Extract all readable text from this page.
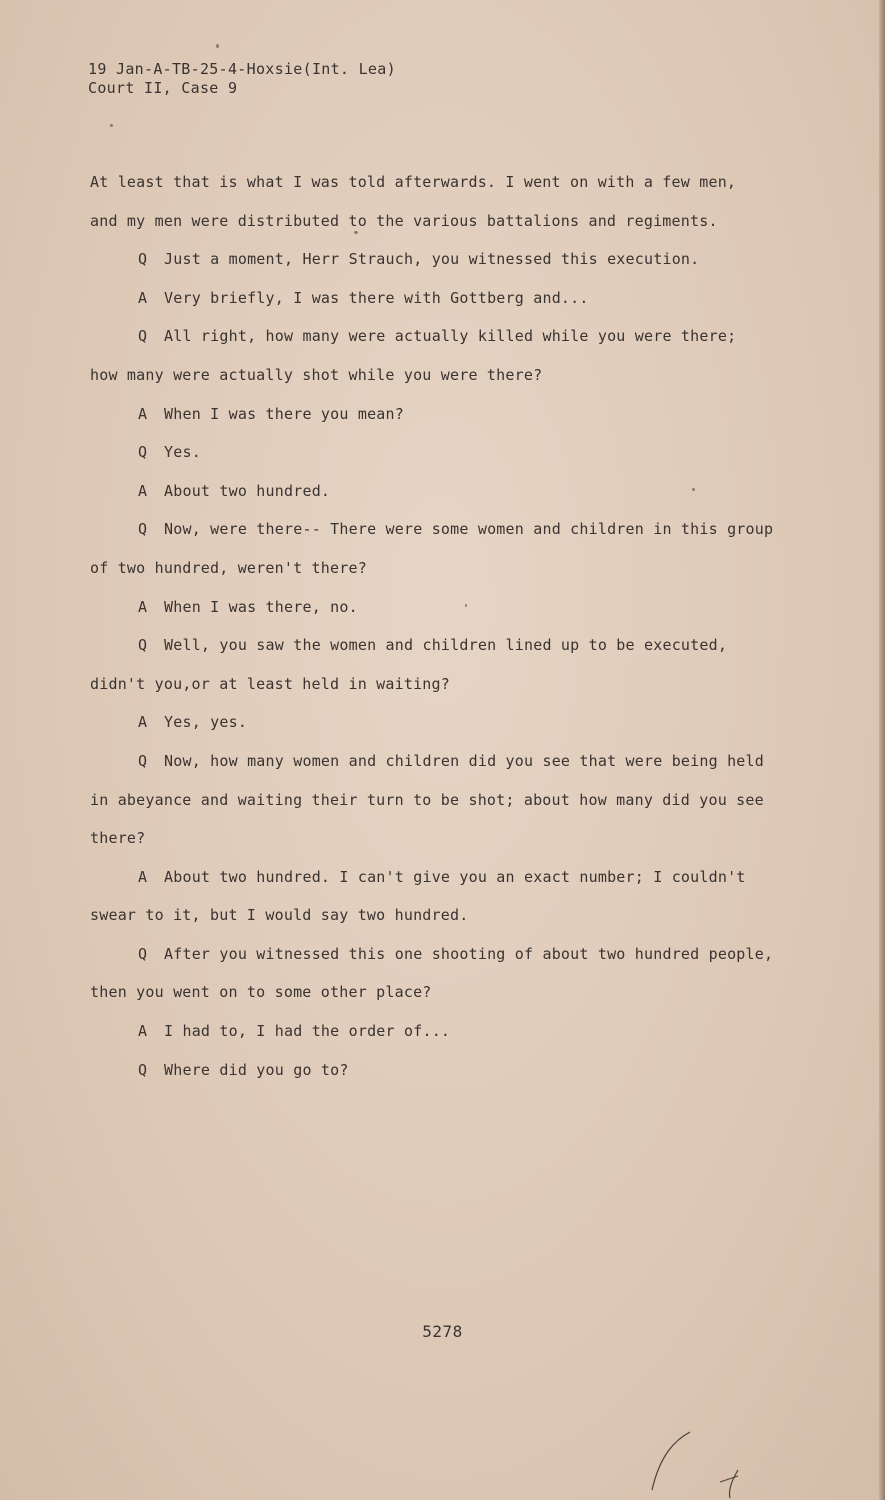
19 Jan-A-TB-25-4-Hoxsie(Int. Lea)
Court II, Case 9
At least that is what I was told afterwards. I went on with a few men,
and my men were distributed to the various battalions and regiments.
Q Just a moment, Herr Strauch, you witnessed this execution.
A Very briefly, I was there with Gottberg and...
Q All right, how many were actually killed while you were there;
how many were actually shot while you were there?
A When I was there you mean?
Q Yes.
A About two hundred.
Q Now, were there-- There were some women and children in this group
of two hundred, weren't there?
A When I was there, no.
Q Well, you saw the women and children lined up to be executed,
didn't you,or at least held in waiting?
A Yes, yes.
Q Now, how many women and children did you see that were being held
in abeyance and waiting their turn to be shot; about how many did you see
there?
A About two hundred. I can't give you an exact number; I couldn't
swear to it, but I would say two hundred.
Q After you witnessed this one shooting of about two hundred people,
then you went on to some other place?
A I had to, I had the order of...
Q Where did you go to?
5278
